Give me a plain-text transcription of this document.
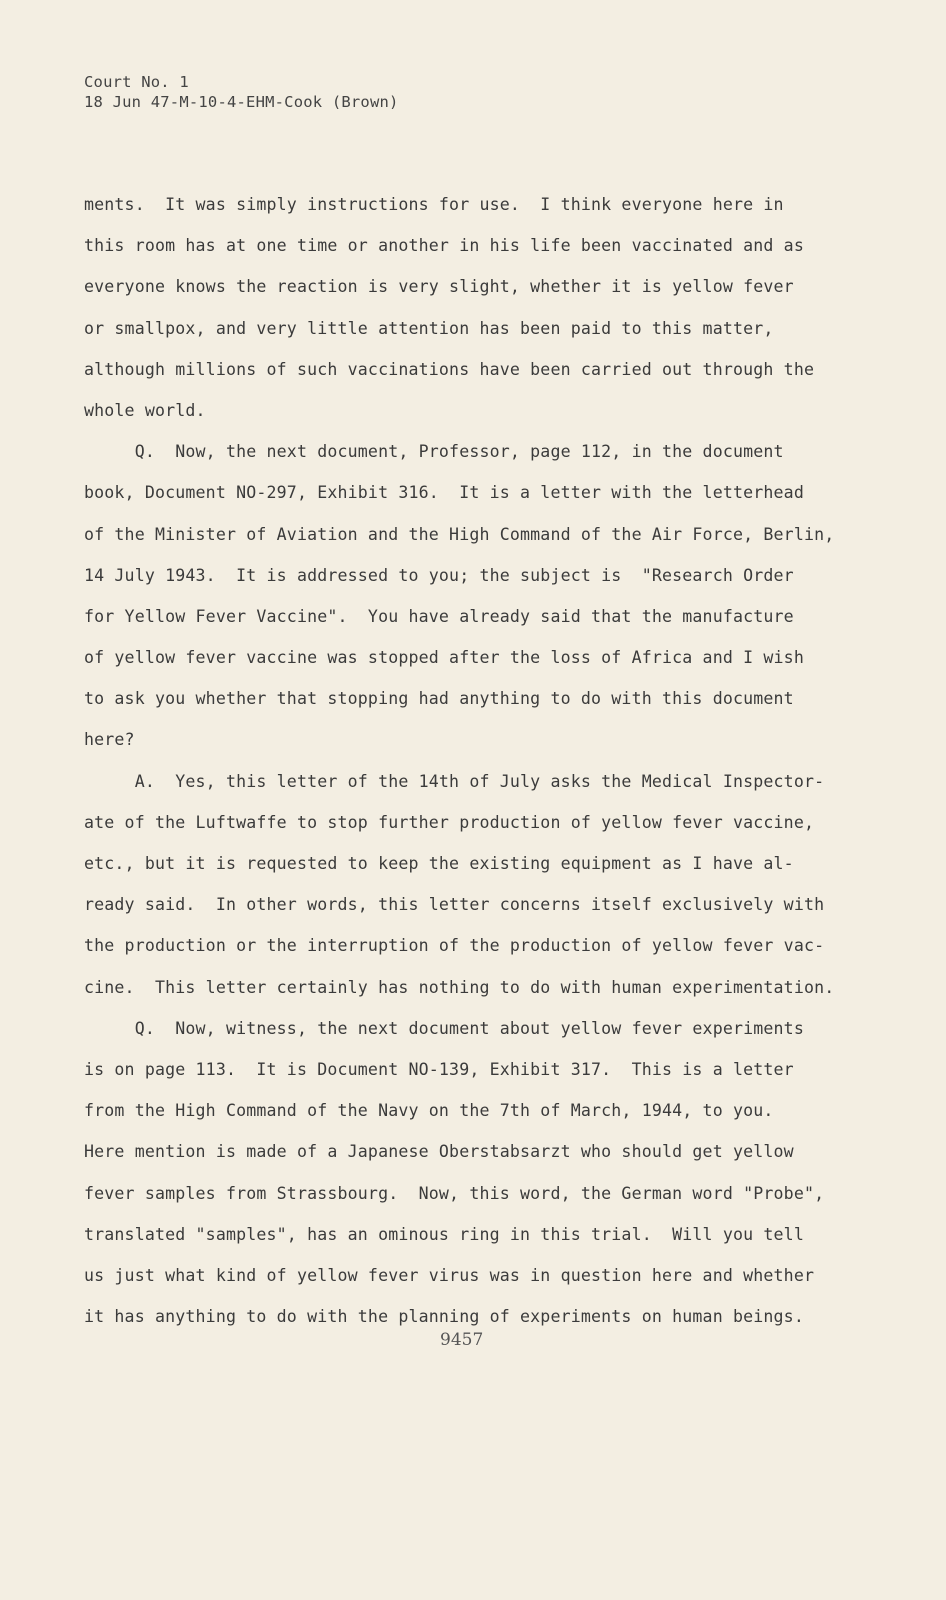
Court No. 1
18 Jun 47-M-10-4-EHM-Cook (Brown)
ments.  It was simply instructions for use.  I think everyone here in
this room has at one time or another in his life been vaccinated and as
everyone knows the reaction is very slight, whether it is yellow fever
or smallpox, and very little attention has been paid to this matter,
although millions of such vaccinations have been carried out through the
whole world.
Q.  Now, the next document, Professor, page 112, in the document
book, Document NO-297, Exhibit 316.  It is a letter with the letterhead
of the Minister of Aviation and the High Command of the Air Force, Berlin,
14 July 1943.  It is addressed to you; the subject is  "Research Order
for Yellow Fever Vaccine".  You have already said that the manufacture
of yellow fever vaccine was stopped after the loss of Africa and I wish
to ask you whether that stopping had anything to do with this document
here?
A.  Yes, this letter of the 14th of July asks the Medical Inspector-
ate of the Luftwaffe to stop further production of yellow fever vaccine,
etc., but it is requested to keep the existing equipment as I have al-
ready said.  In other words, this letter concerns itself exclusively with
the production or the interruption of the production of yellow fever vac-
cine.  This letter certainly has nothing to do with human experimentation.
Q.  Now, witness, the next document about yellow fever experiments
is on page 113.  It is Document NO-139, Exhibit 317.  This is a letter
from the High Command of the Navy on the 7th of March, 1944, to you.
Here mention is made of a Japanese Oberstabsarzt who should get yellow
fever samples from Strassbourg.  Now, this word, the German word "Probe",
translated "samples", has an ominous ring in this trial.  Will you tell
us just what kind of yellow fever virus was in question here and whether
it has anything to do with the planning of experiments on human beings.
9457
